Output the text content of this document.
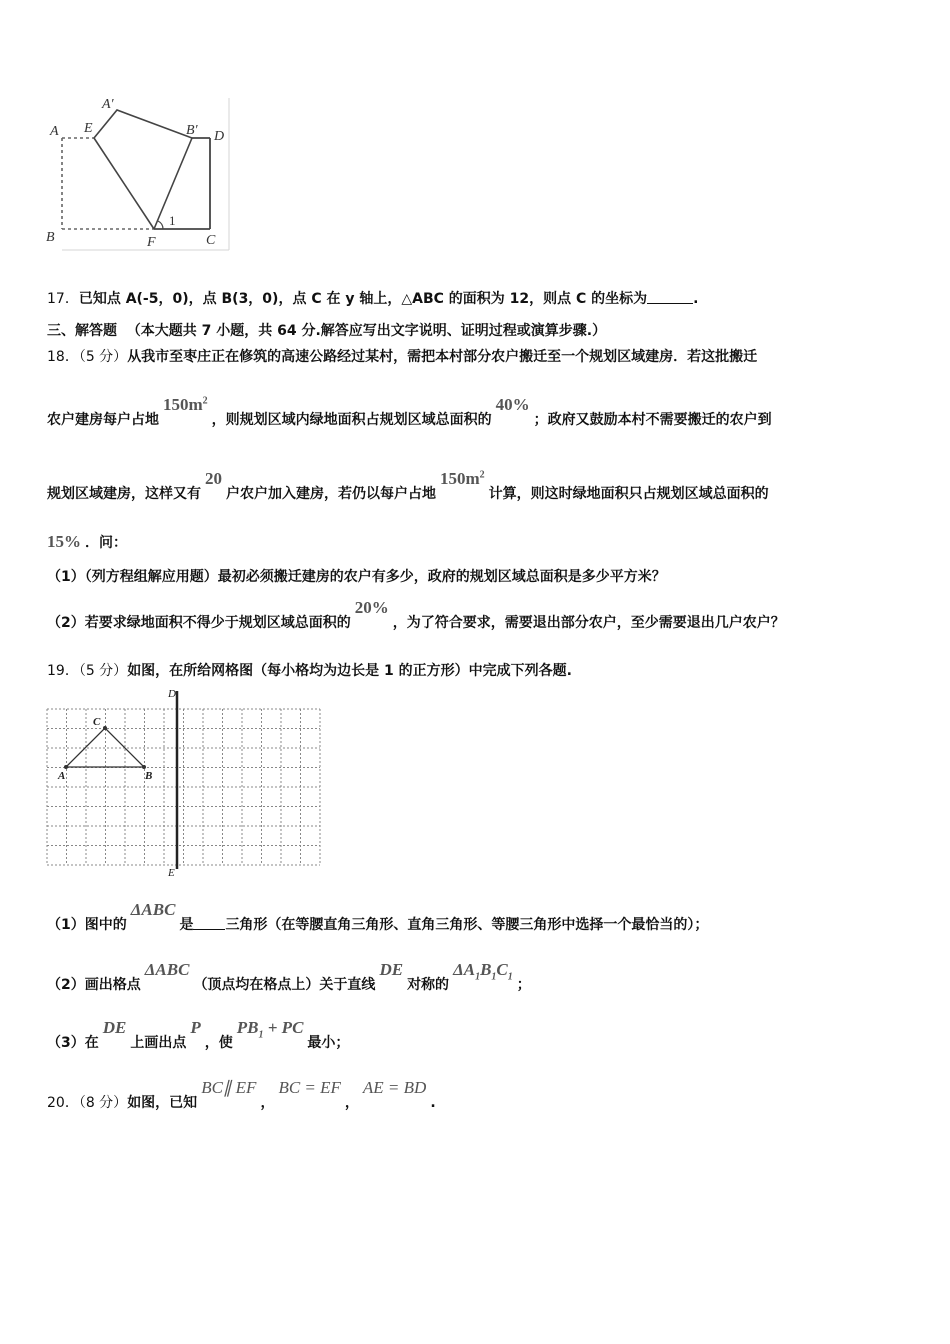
A
A′
E	B′ D
B	F	C
1
17．已知点 A(-5，0)，点 B(3，0)，点 C 在 y 轴上，△ABC 的面积为 12，则点 C 的坐标为	.
三、解答题 （本大题共 7 小题，共 64 分.解答应写出文字说明、证明过程或演算步骤.）
18．（5 分）从我市至枣庄正在修筑的高速公路经过某村，需把本村部分农户搬迁至一个规划区域建房．若这批搬迁
农户建房每户占地$150m^2$，则规划区域内绿地面积占规划区域总面积的40%；政府又鼓励本村不需要搬迁的农户到
规划区域建房，这样又有20户农户加入建房，若仍以每户占地$150m^2$计算，则这时绿地面积只占规划区域总面积的
15% ．问：
（1）（列方程组解应用题）最初必须搬迁建房的农户有多少，政府的规划区域总面积是多少平方米？
（2）若要求绿地面积不得少于规划区域总面积的20%，为了符合要求，需要退出部分农户，至少需要退出几户农户？
19．（5 分）如图，在所给网格图（每小格均为边长是 1 的正方形）中完成下列各题.
A	B
C
D
E
（1）图中的ΔABC是 三角形（在等腰直角三角形、直角三角形、等腰三角形中选择一个最恰当的）；
（2）画出格点ΔABC（顶点均在格点上）关于直线DE对称的$\Delta A_1B_1C_1$；
（3）在DE上画出点P，使$PB_1$ + PC最小；
20．（8 分）如图，已知BC∥ EF，BC = EF，AE = BD.
